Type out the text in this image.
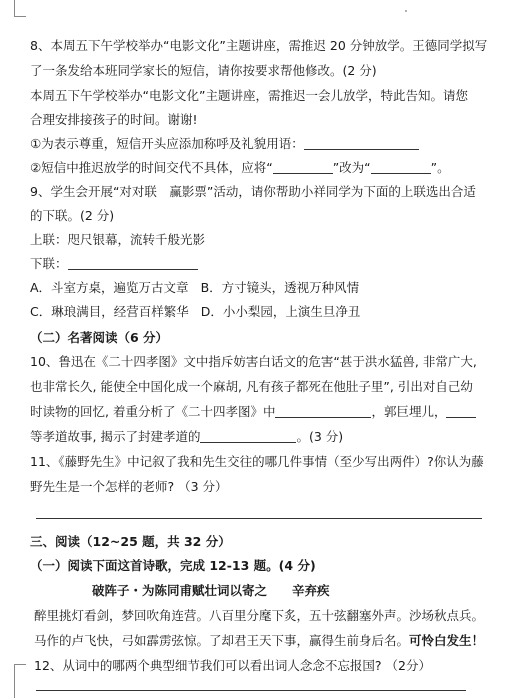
8、本周五下午学校举办“电影文化”主题讲座，需推迟 20 分钟放学。王德同学拟写
了一条发给本班同学家长的短信，请你按要求帮他修改。(2 分)
本周五下午学校举办“电影文化”主题讲座，需推迟一会儿放学，特此告知。请您
合理安排接孩子的时间。谢谢!
①为表示尊重，短信开头应添加称呼及礼貌用语：
②短信中推迟放学的时间交代不具体，应将“	”改为“	”。
9、学生会开展“对对联　赢影票”活动，请你帮助小祥同学为下面的上联选出合适
的下联。(2 分)
上联：咫尺银幕，流转千般光影
下联：
A．斗室方桌，遍览万古文章 B．方寸镜头，透视万种风情
C．琳琅满目，经营百样繁华 D．小小梨园，上演生旦净丑
（二）名著阅读（6 分）
10、鲁迅在《二十四孝图》文中指斥妨害白话文的危害“甚于洪水猛兽, 非常广大,
也非常长久, 能使全中国化成一个麻胡, 凡有孩子都死在他肚子里”, 引出对自己幼
时读物的回忆, 着重分析了《二十四孝图》中	，郭巨埋儿，
等孝道故事, 揭示了封建孝道的	。(3 分)
11、《藤野先生》中记叙了我和先生交往的哪几件事情（至少写出两件）?你认为藤
野先生是一个怎样的老师? （3 分）
三、阅读（12~25 题，共 32 分）
（一）阅读下面这首诗歌，完成 12-13 题。(4 分)
破阵子・为陈同甫赋壮词以寄之　　辛弃疾
醉里挑灯看剑，梦回吹角连营。八百里分麾下炙，五十弦翻塞外声。沙场秋点兵。
马作的卢飞快，弓如霹雳弦惊。了却君王天下事，赢得生前身后名。可怜白发生！
12、从词中的哪两个典型细节我们可以看出词人念念不忘报国? （2分）
